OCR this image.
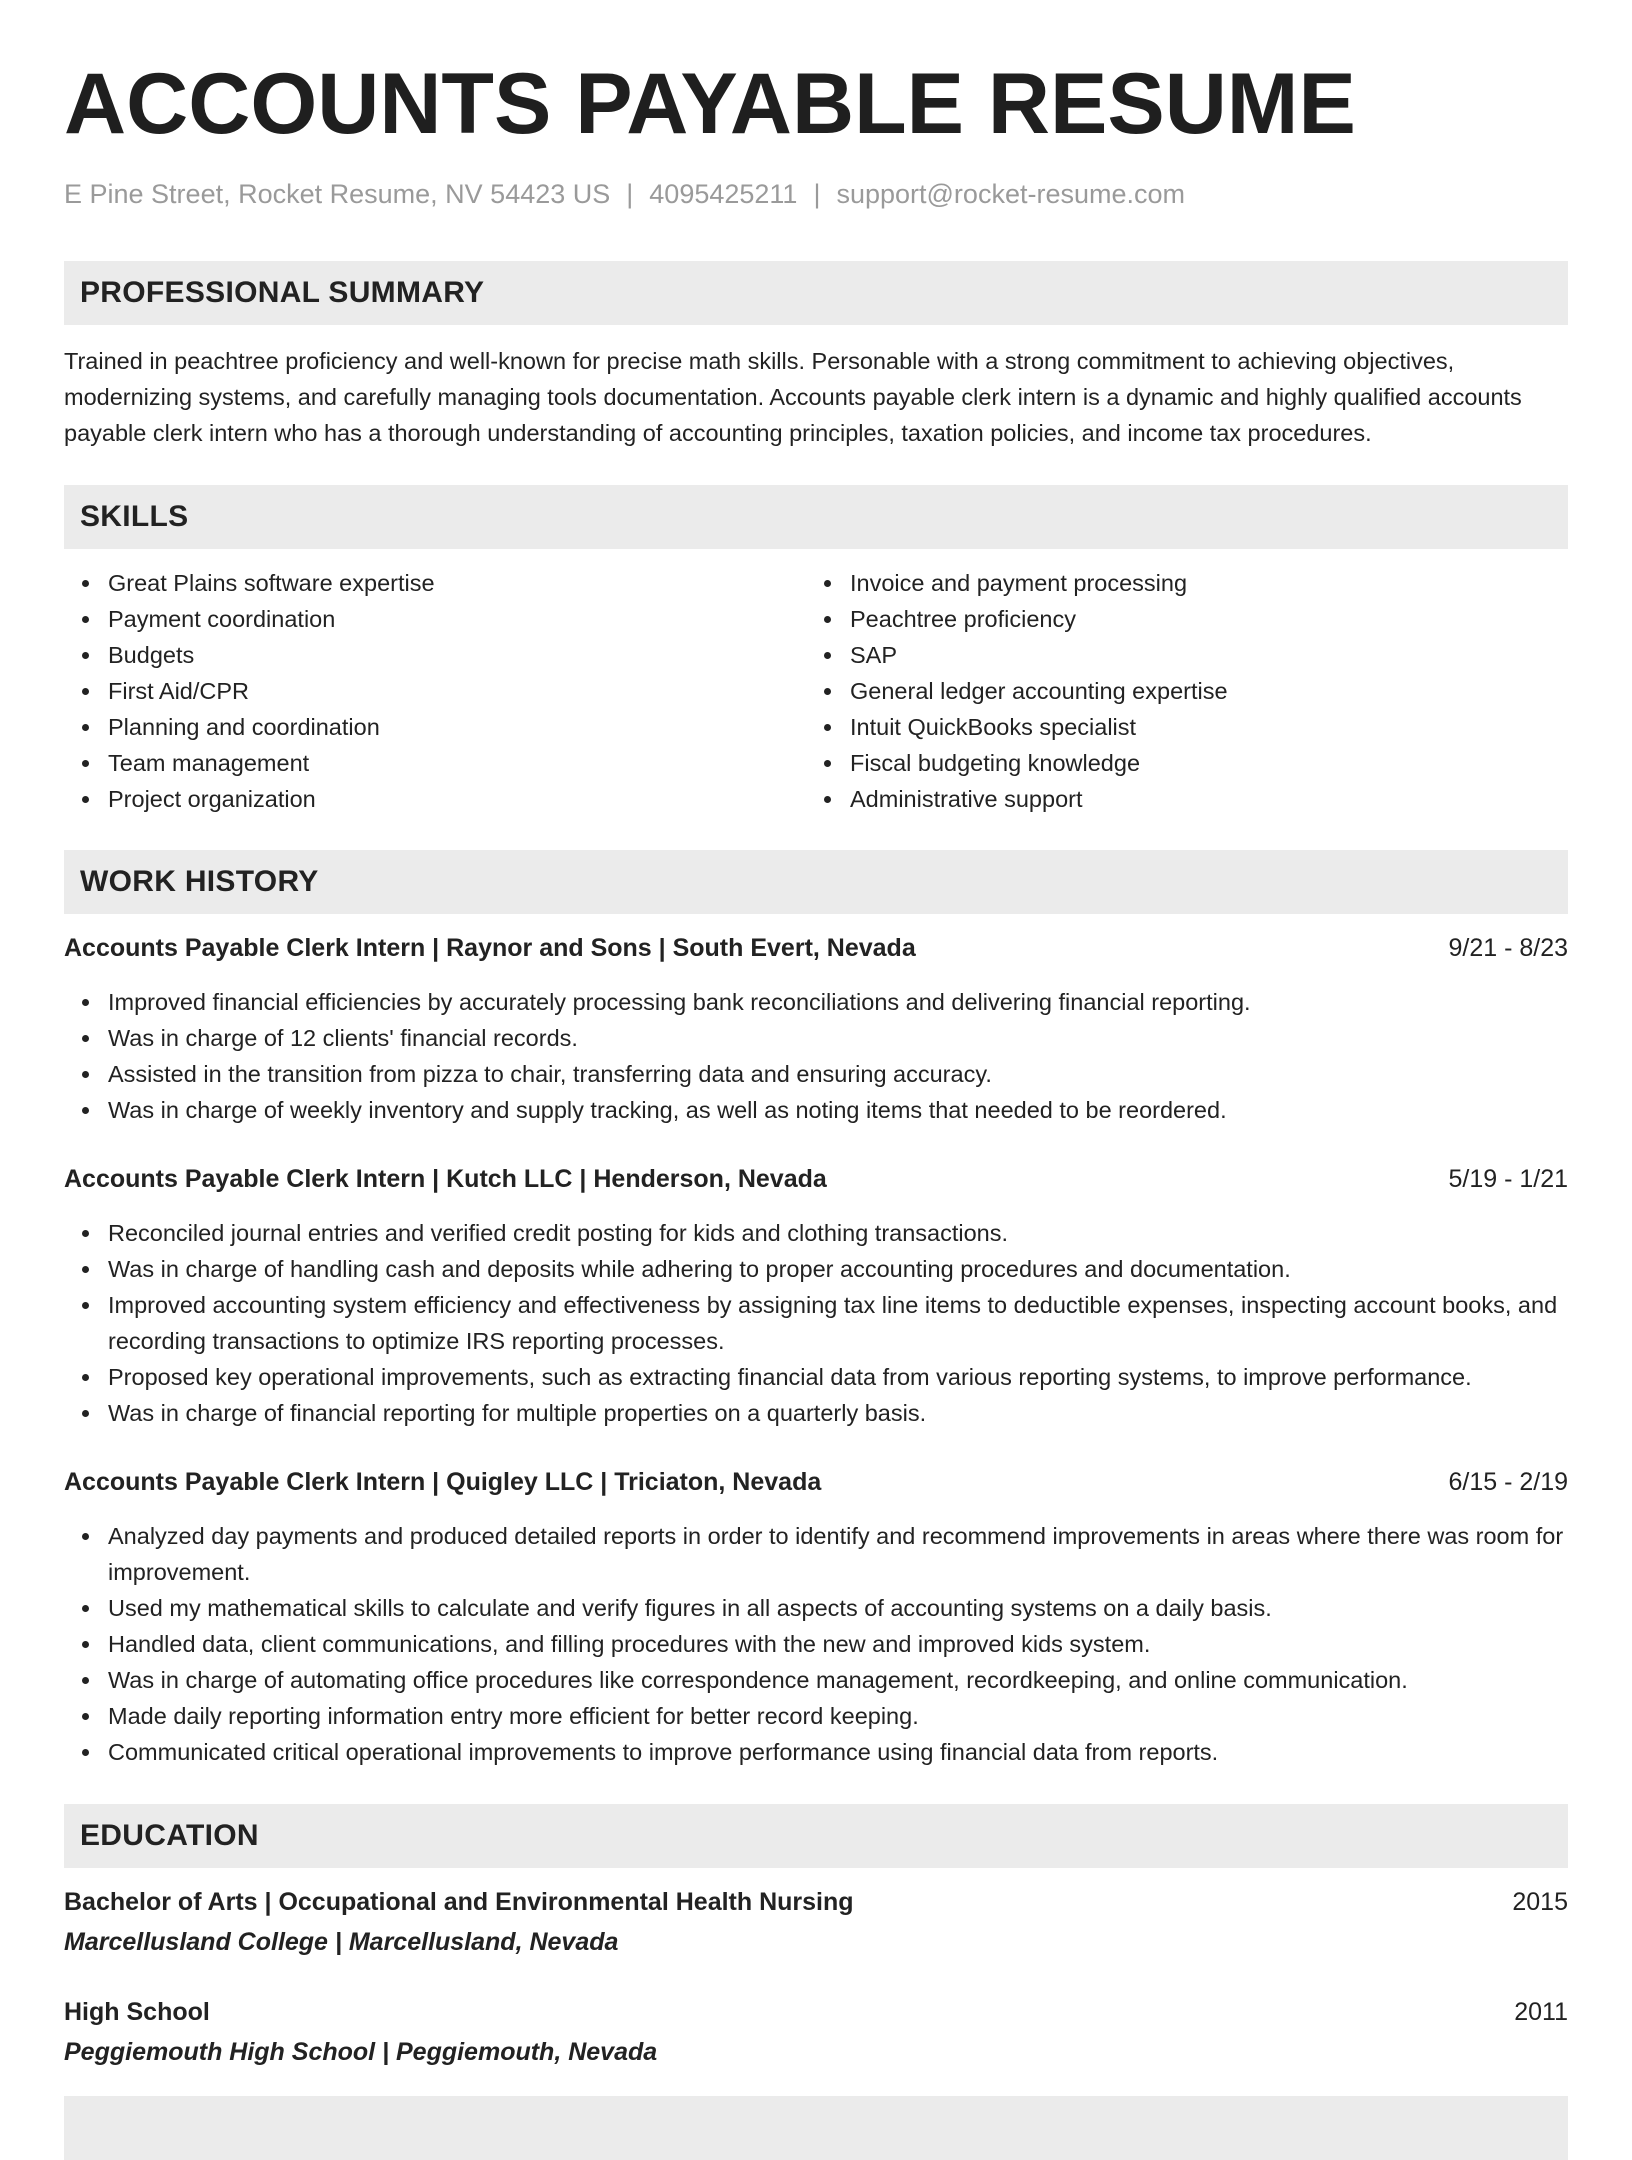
ACCOUNTS PAYABLE RESUME
E Pine Street, Rocket Resume, NV 54423 US | 4095425211 | support@rocket-resume.com
PROFESSIONAL SUMMARY

Trained in peachtree proficiency and well-known for precise math skills. Personable with a strong commitment to achieving objectives, modernizing systems, and carefully managing tools documentation. Accounts payable clerk intern is a dynamic and highly qualified accounts payable clerk intern who has a thorough understanding of accounting principles, taxation policies, and income tax procedures.

SKILLS
Great Plains software expertise
Payment coordination
Budgets
First Aid/CPR
Planning and coordination
Team management
Project organization
Invoice and payment processing
Peachtree proficiency
SAP
General ledger accounting expertise
Intuit QuickBooks specialist
Fiscal budgeting knowledge
Administrative support
WORK HISTORY
Accounts Payable Clerk Intern | Raynor and Sons | South Evert, Nevada	9/21 - 8/23
Improved financial efficiencies by accurately processing bank reconciliations and delivering financial reporting.
Was in charge of 12 clients' financial records.
Assisted in the transition from pizza to chair, transferring data and ensuring accuracy.
Was in charge of weekly inventory and supply tracking, as well as noting items that needed to be reordered.
Accounts Payable Clerk Intern | Kutch LLC | Henderson, Nevada	5/19 - 1/21
Reconciled journal entries and verified credit posting for kids and clothing transactions.
Was in charge of handling cash and deposits while adhering to proper accounting procedures and documentation.
Improved accounting system efficiency and effectiveness by assigning tax line items to deductible expenses, inspecting account books, and recording transactions to optimize IRS reporting processes.
Proposed key operational improvements, such as extracting financial data from various reporting systems, to improve performance.
Was in charge of financial reporting for multiple properties on a quarterly basis.
Accounts Payable Clerk Intern | Quigley LLC | Triciaton, Nevada	6/15 - 2/19
Analyzed day payments and produced detailed reports in order to identify and recommend improvements in areas where there was room for improvement.
Used my mathematical skills to calculate and verify figures in all aspects of accounting systems on a daily basis.
Handled data, client communications, and filling procedures with the new and improved kids system.
Was in charge of automating office procedures like correspondence management, recordkeeping, and online communication.
Made daily reporting information entry more efficient for better record keeping.
Communicated critical operational improvements to improve performance using financial data from reports.
EDUCATION
Bachelor of Arts | Occupational and Environmental Health Nursing	2015
Marcellusland College | Marcellusland, Nevada
High School	2011
Peggiemouth High School | Peggiemouth, Nevada
